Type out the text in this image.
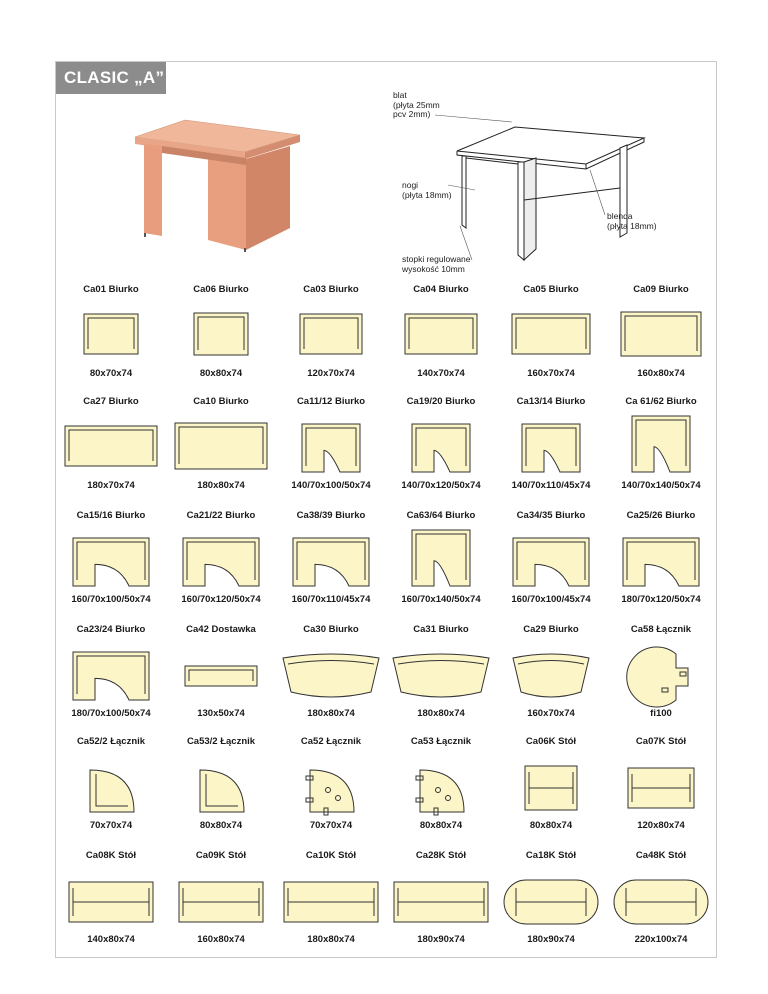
CLASIC „A”
blat
(płyta 25mm
pcv 2mm)
nogi
(płyta 18mm)
blenda
(płyta 18mm)
stopki regulowane
wysokość 10mm
Ca01 Biurko
80x70x74
Ca06 Biurko
80x80x74
Ca03 Biurko
120x70x74
Ca04 Biurko
140x70x74
Ca05 Biurko
160x70x74
Ca09 Biurko
160x80x74
Ca27 Biurko
180x70x74
Ca10 Biurko
180x80x74
Ca11/12 Biurko
140/70x100/50x74
Ca19/20 Biurko
140/70x120/50x74
Ca13/14 Biurko
140/70x110/45x74
Ca 61/62 Biurko
140/70x140/50x74
Ca15/16 Biurko
160/70x100/50x74
Ca21/22 Biurko
160/70x120/50x74
Ca38/39 Biurko
160/70x110/45x74
Ca63/64 Biurko
160/70x140/50x74
Ca34/35 Biurko
160/70x100/45x74
Ca25/26 Biurko
180/70x120/50x74
Ca23/24 Biurko
180/70x100/50x74
Ca42 Dostawka
130x50x74
Ca30 Biurko
180x80x74
Ca31 Biurko
180x80x74
Ca29 Biurko
160x70x74
Ca58 Łącznik
fi100
Ca52/2 Łącznik
70x70x74
Ca53/2 Łącznik
80x80x74
Ca52 Łącznik
70x70x74
Ca53 Łącznik
80x80x74
Ca06K Stół
80x80x74
Ca07K Stół
120x80x74
Ca08K Stół
140x80x74
Ca09K Stół
160x80x74
Ca10K Stół
180x80x74
Ca28K Stół
180x90x74
Ca18K Stół
180x90x74
Ca48K Stół
220x100x74
